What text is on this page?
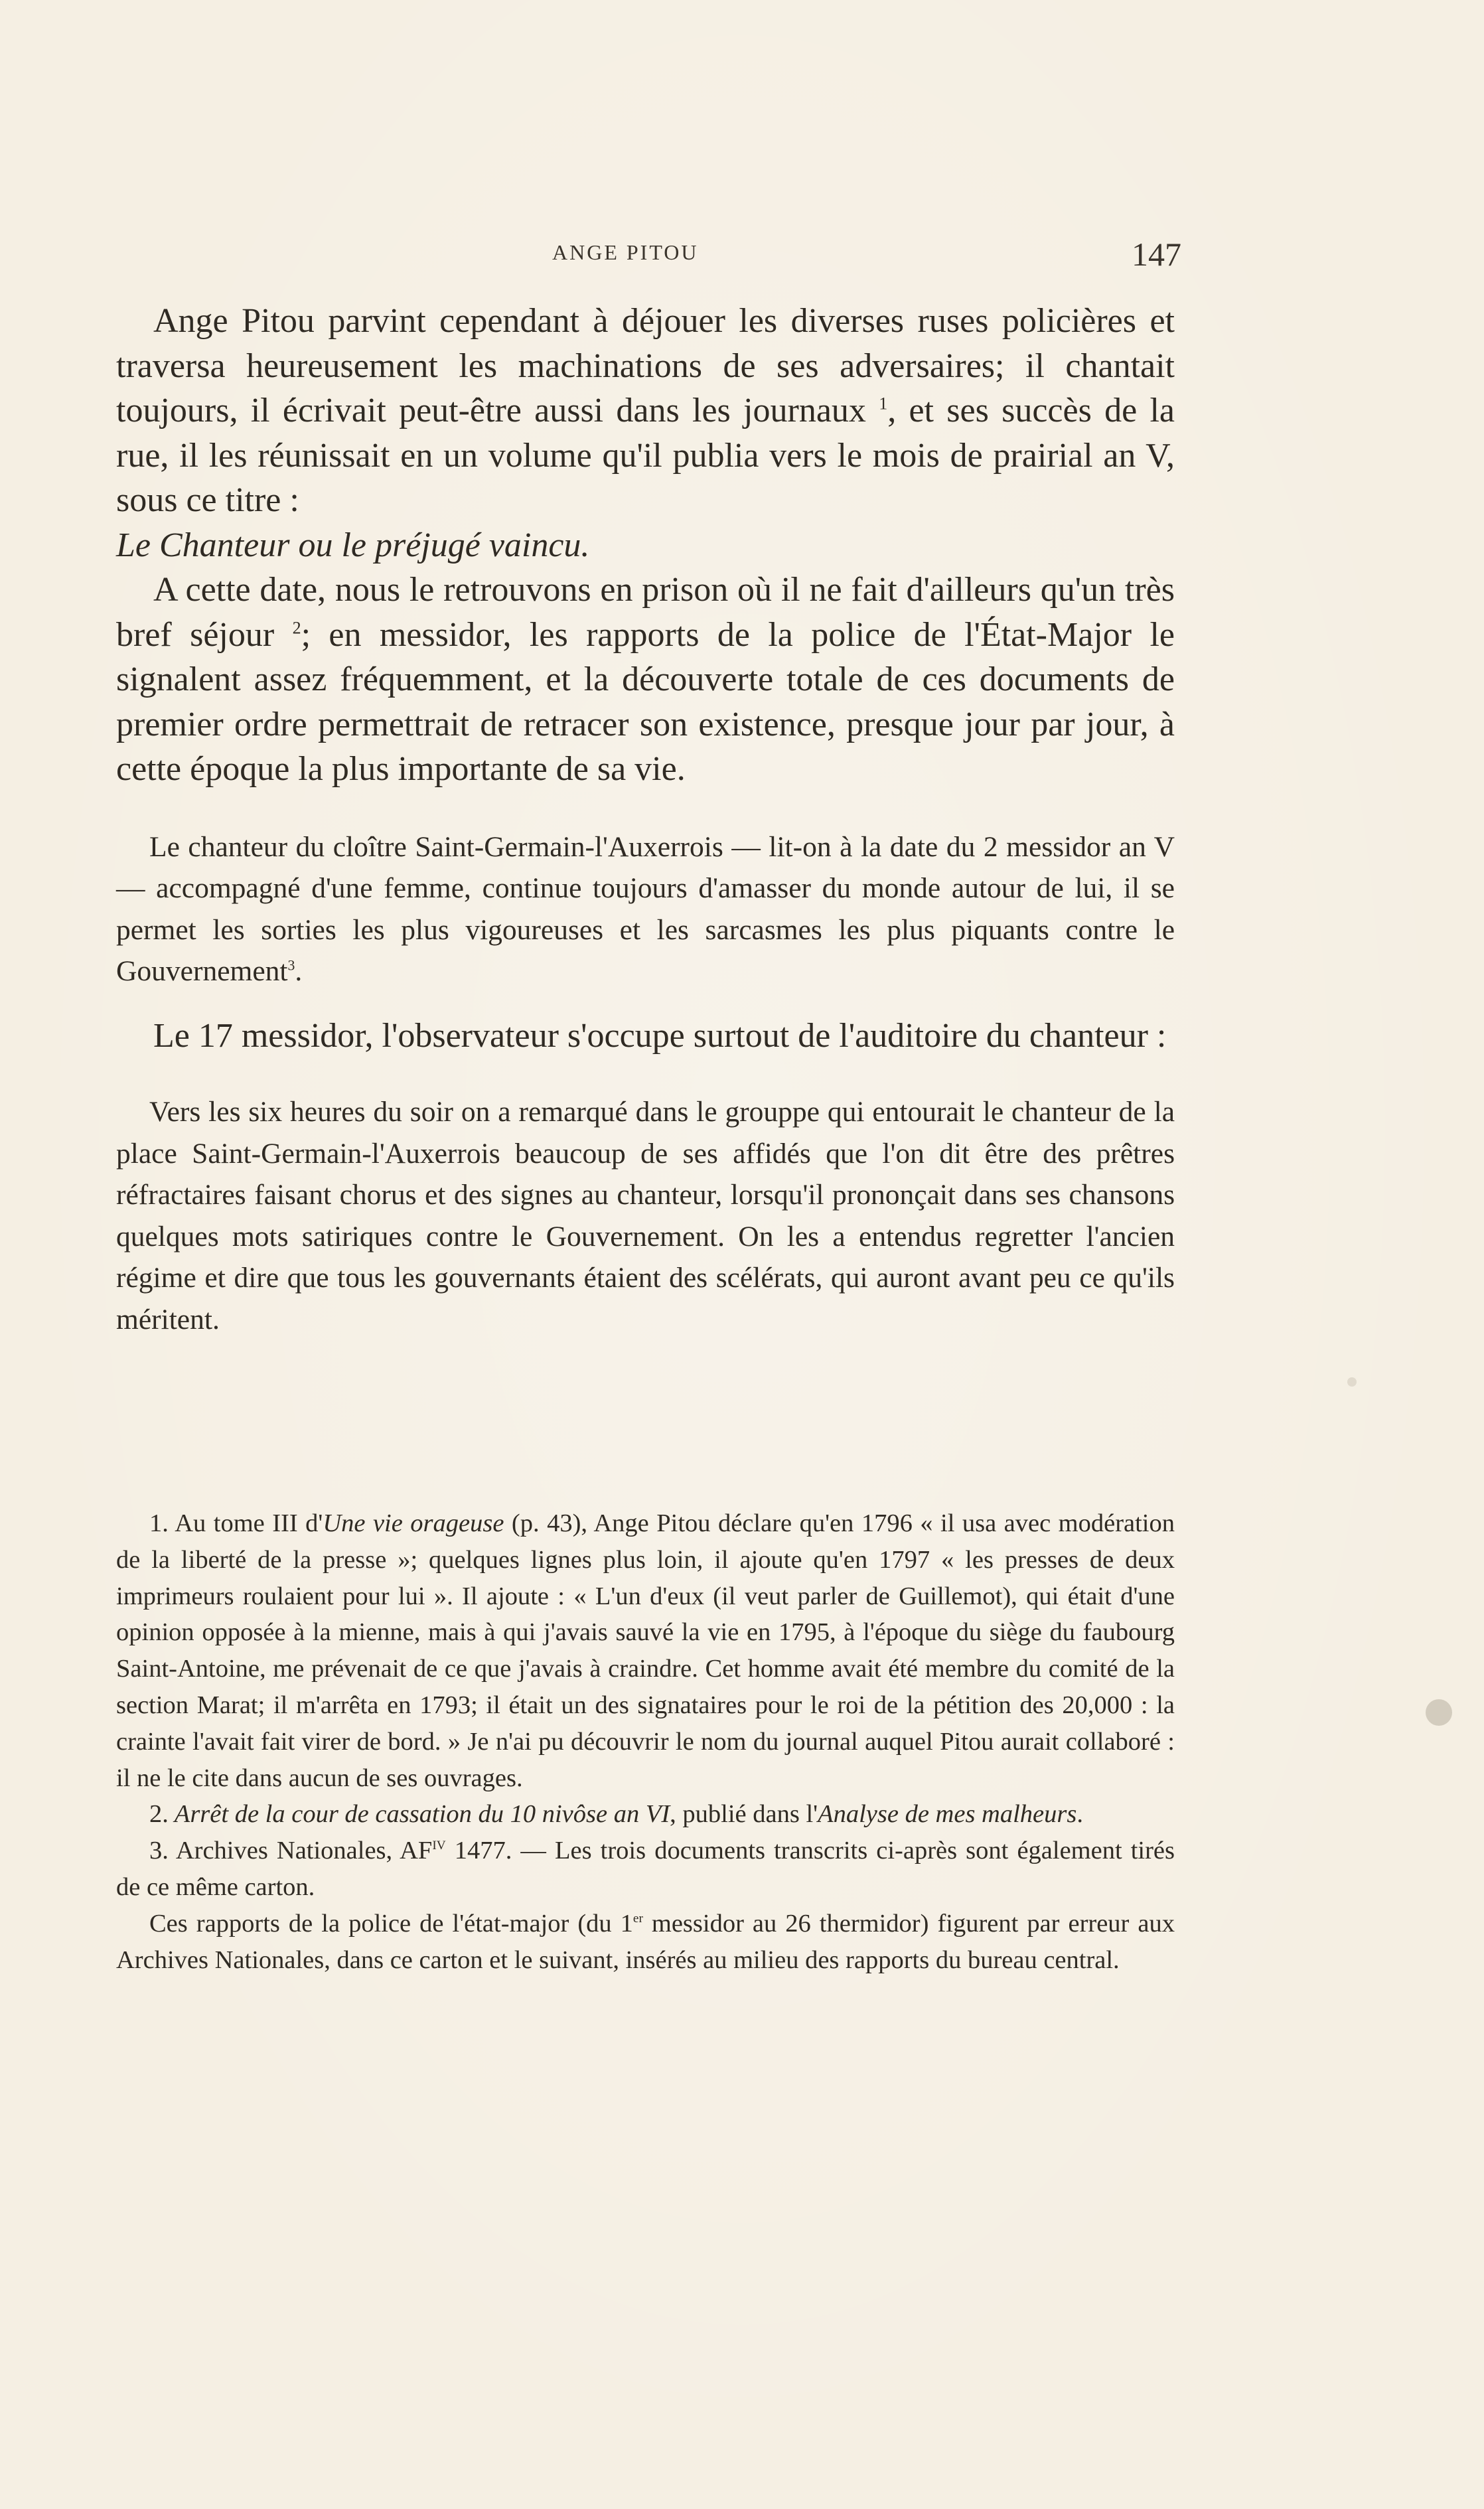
ANGE PITOU	147

Ange Pitou parvint cependant à déjouer les diverses ruses policières et traversa heureusement les machinations de ses adversaires; il chantait toujours, il écrivait peut-être aussi dans les journaux $^1$, et ses succès de la rue, il les réunissait en un volume qu'il publia vers le mois de prairial an V, sous ce titre :
Le Chanteur ou le préjugé vaincu.

A cette date, nous le retrouvons en prison où il ne fait d'ailleurs qu'un très bref séjour $^2$; en messidor, les rapports de la police de l'État-Major le signalent assez fréquemment, et la découverte totale de ces documents de premier ordre permettrait de retracer son existence, presque jour par jour, à cette époque la plus importante de sa vie.

Le chanteur du cloître Saint-Germain-l'Auxerrois — lit-on à la date du 2 messidor an V — accompagné d'une femme, continue toujours d'amasser du monde autour de lui, il se permet les sorties les plus vigoureuses et les sarcasmes les plus piquants contre le Gouvernement$^3$.

Le 17 messidor, l'observateur s'occupe surtout de l'auditoire du chanteur :

Vers les six heures du soir on a remarqué dans le grouppe qui entourait le chanteur de la place Saint-Germain-l'Auxerrois beaucoup de ses affidés que l'on dit être des prêtres réfractaires faisant chorus et des signes au chanteur, lorsqu'il prononçait dans ses chansons quelques mots satiriques contre le Gouvernement. On les a entendus regretter l'ancien régime et dire que tous les gouvernants étaient des scélérats, qui auront avant peu ce qu'ils méritent.

1. Au tome III d'Une vie orageuse (p. 43), Ange Pitou déclare qu'en 1796 « il usa avec modération de la liberté de la presse »; quelques lignes plus loin, il ajoute qu'en 1797 « les presses de deux imprimeurs roulaient pour lui ». Il ajoute : « L'un d'eux (il veut parler de Guillemot), qui était d'une opinion opposée à la mienne, mais à qui j'avais sauvé la vie en 1795, à l'époque du siège du faubourg Saint-Antoine, me prévenait de ce que j'avais à craindre. Cet homme avait été membre du comité de la section Marat; il m'arrêta en 1793; il était un des signataires pour le roi de la pétition des 20,000 : la crainte l'avait fait virer de bord. » Je n'ai pu découvrir le nom du journal auquel Pitou aurait collaboré : il ne le cite dans aucun de ses ouvrages.

2. Arrêt de la cour de cassation du 10 nivôse an VI, publié dans l'Analyse de mes malheurs.

3. Archives Nationales, $AF^{IV}$ 1477. — Les trois documents transcrits ci-après sont également tirés de ce même carton.

Ces rapports de la police de l'état-major (du 1er messidor au 26 thermidor) figurent par erreur aux Archives Nationales, dans ce carton et le suivant, insérés au milieu des rapports du bureau central.
